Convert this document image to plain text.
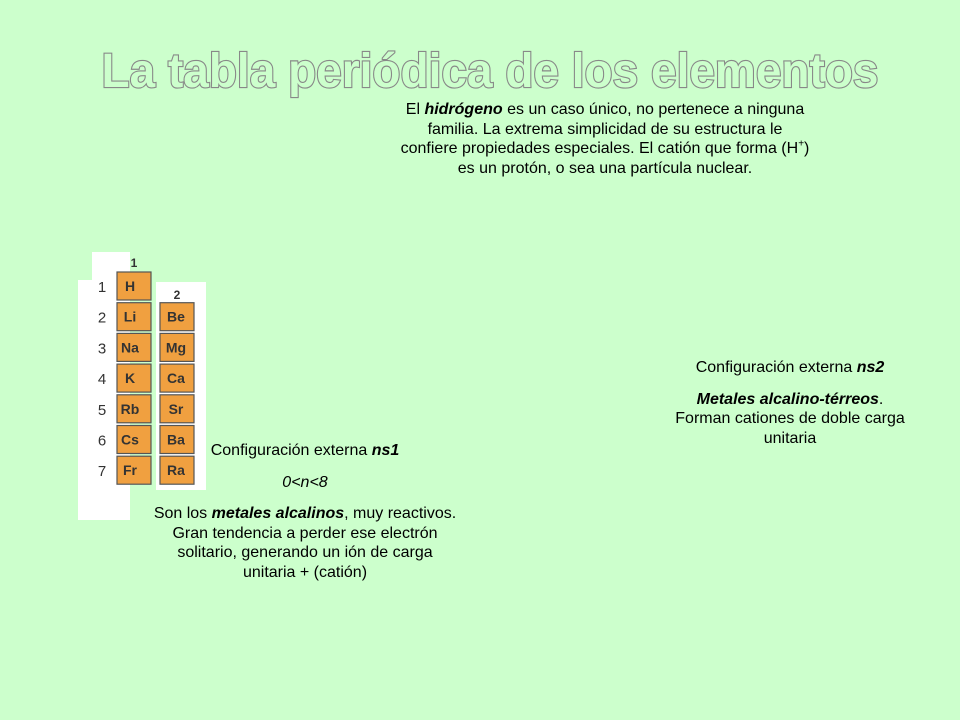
La tabla periódica de los elementos

El hidrógeno es un caso único, no pertenece a ninguna familia. La extrema simplicidad de su estructura le confiere propiedades especiales. El catión que forma (H+) es un protón, o sea una partícula nuclear.

1
2
1
2
3
4
5
6
7
H
Li
Na
K
Rb
Cs
Fr
Be
Mg
Ca
Sr
Ba
Ra

Configuración externa ns1

0<n<8

Son los metales alcalinos, muy reactivos. Gran tendencia a perder ese electrón solitario, generando un ión de carga unitaria + (catión)

Configuración externa ns2

Metales alcalino-térreos. Forman cationes de doble carga unitaria
